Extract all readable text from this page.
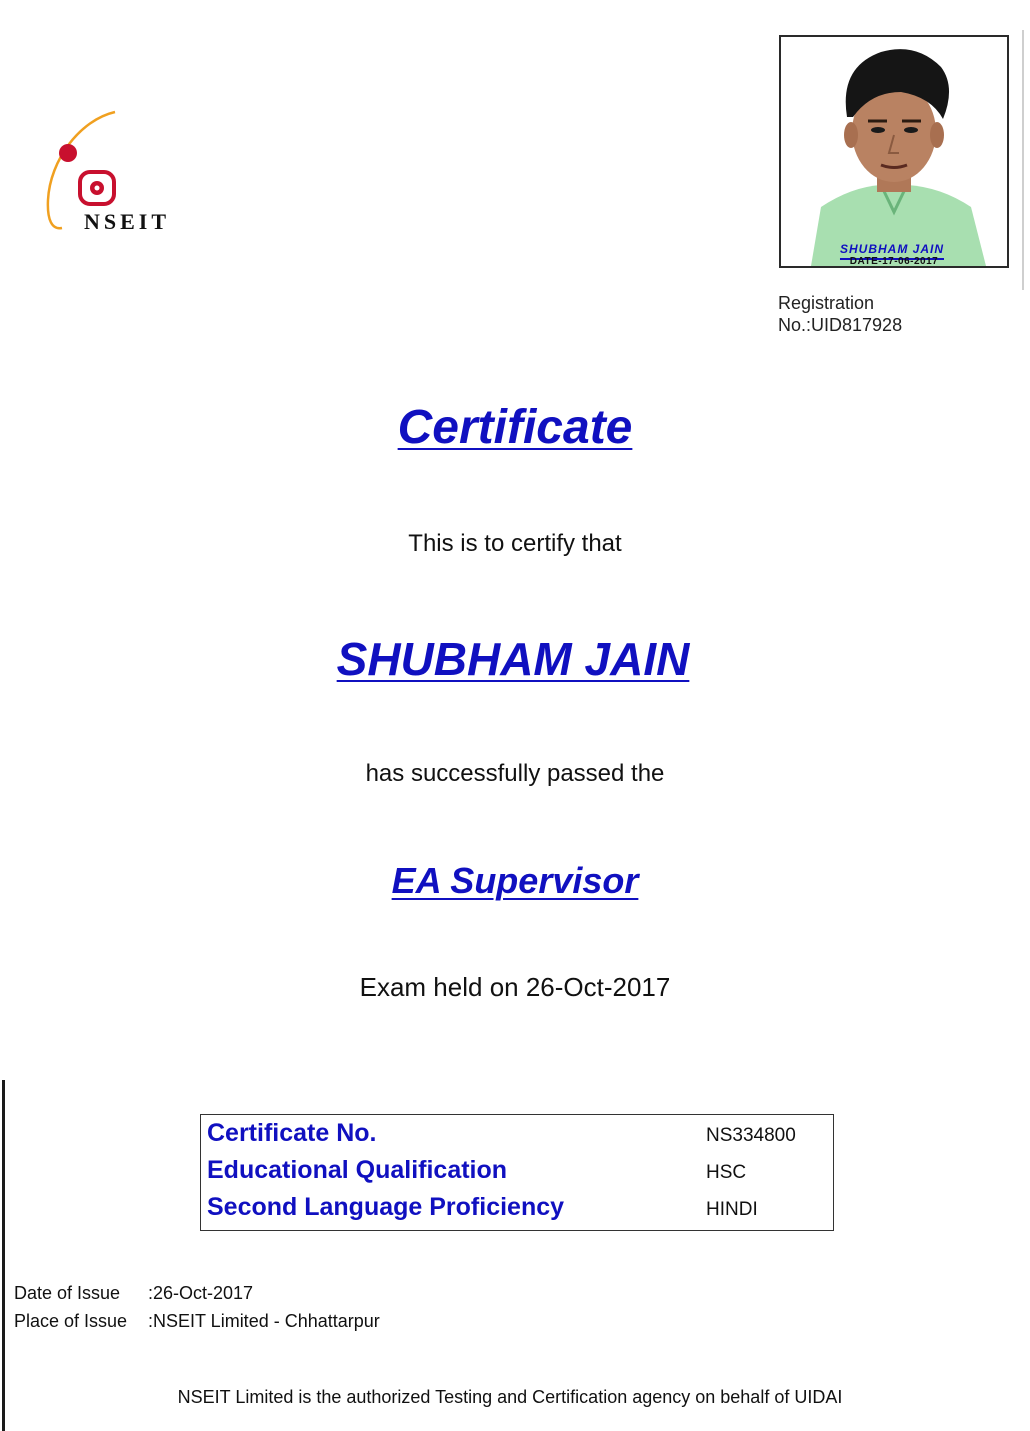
NSEIT
SHUBHAM JAIN
DATE-17-06-2017
Registration
No.:UID817928
Certificate
This is to certify that
SHUBHAM JAIN
has successfully passed the
EA Supervisor
Exam held on 26-Oct-2017
Certificate No.	NS334800
Educational Qualification	HSC
Second Language Proficiency	HINDI
Date of Issue :26-Oct-2017
Place of Issue :NSEIT Limited - Chhattarpur
NSEIT Limited is the authorized Testing and Certification agency on behalf of UIDAI
